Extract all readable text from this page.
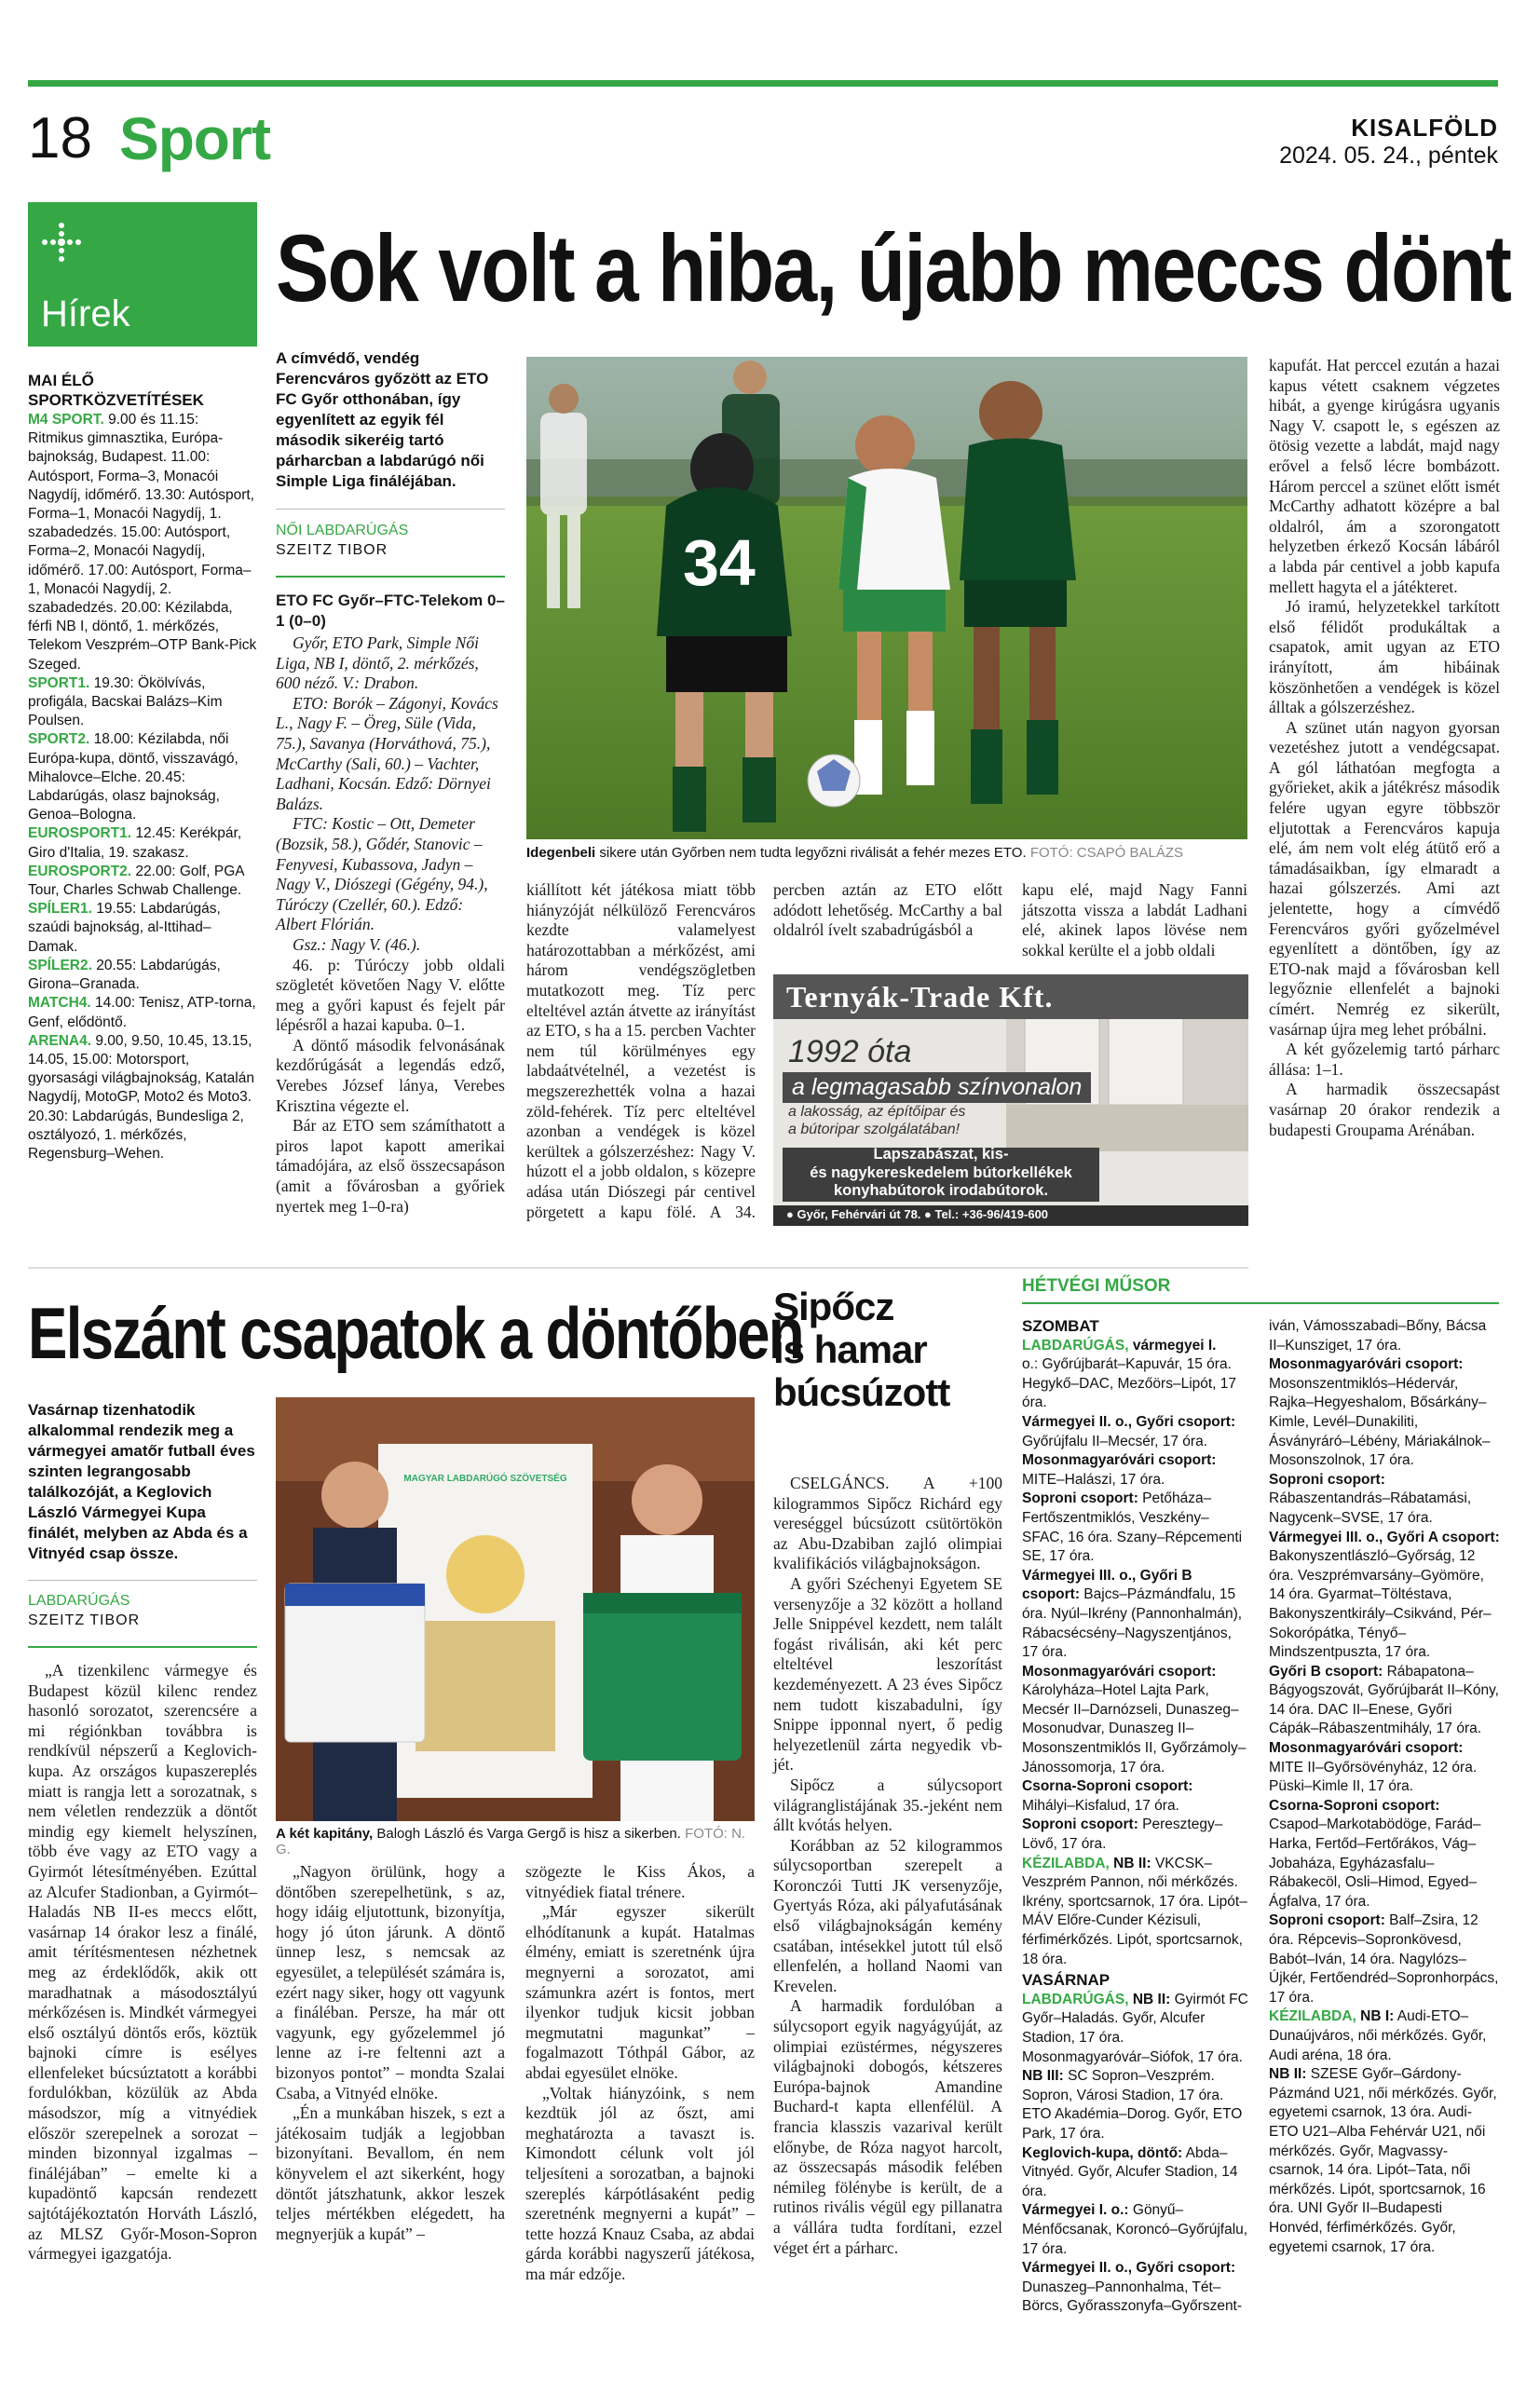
18 Sport	KISALFÖLD
2024. 05. 24., péntek
Hírek
MAI ÉLŐ SPORTKÖZVETÍTÉSEK
M4 SPORT. 9.00 és 11.15: Ritmikus gimnasztika, Európa-bajnokság, Budapest. 11.00: Autósport, Forma–3, Monacói Nagydíj, időmérő. 13.30: Autósport, Forma–1, Monacói Nagydíj, 1. szabadedzés. 15.00: Autósport, Forma–2, Monacói Nagydíj, időmérő. 17.00: Autósport, Forma–1, Monacói Nagydíj, 2. szabadedzés. 20.00: Kézilabda, férfi NB I, döntő, 1. mérkőzés, Telekom Veszprém–OTP Bank-Pick Szeged.
SPORT1. 19.30: Ökölvívás, profigála, Bacskai Balázs–Kim Poulsen.
SPORT2. 18.00: Kézilabda, női Európa-kupa, döntő, visszavágó, Mihalovce–Elche. 20.45: Labdarúgás, olasz bajnokság, Genoa–Bologna.
EUROSPORT1. 12.45: Kerékpár, Giro d'Italia, 19. szakasz.
EUROSPORT2. 22.00: Golf, PGA Tour, Charles Schwab Challenge.
SPÍLER1. 19.55: Labdarúgás, szaúdi bajnokság, al-Ittihad–Damak.
SPÍLER2. 20.55: Labdarúgás, Girona–Granada.
MATCH4. 14.00: Tenisz, ATP-torna, Genf, elődöntő.
ARENA4. 9.00, 9.50, 10.45, 13.15, 14.05, 15.00: Motorsport, gyorsasági világbajnokság, Katalán Nagydíj, MotoGP, Moto2 és Moto3. 20.30: Labdarúgás, Bundesliga 2, osztályozó, 1. mérkőzés, Regensburg–Wehen.
Sok volt a hiba, újabb meccs dönt
A címvédő, vendég Ferencváros győzött az ETO FC Győr otthonában, így egyenlített az egyik fél második sikeréig tartó párharcban a labdarúgó női Simple Liga fináléjában.
NŐI LABDARÚGÁS
SZEITZ TIBOR
ETO FC Győr–FTC-Telekom 0–1 (0–0)

Győr, ETO Park, Simple Női Liga, NB I, döntő, 2. mérkőzés, 600 néző. V.: Drabon.

ETO: Borók – Zágonyi, Kovács L., Nagy F. – Öreg, Süle (Vida, 75.), Savanya (Horváthová, 75.), McCarthy (Sali, 60.) – Vachter, Ladhani, Kocsán. Edző: Dörnyei Balázs.

FTC: Kostic – Ott, Demeter (Bozsik, 58.), Gődér, Stanovic – Fenyvesi, Kubassova, Jadyn – Nagy V., Diószegi (Gégény, 94.), Túróczy (Czellér, 60.). Edző: Albert Flórián.

Gsz.: Nagy V. (46.).

46. p: Túróczy jobb oldali szögletét követően Nagy V. előtte meg a győri kapust és fejelt pár lépésről a hazai kapuba. 0–1.

A döntő második felvonásának kezdőrúgását a legendás edző, Verebes József lánya, Verebes Krisztina végezte el.

Bár az ETO sem számíthatott a piros lapot kapott amerikai támadójára, az első összecsapáson (amit a fővárosban a győriek nyertek meg 1–0-ra)

34
Idegenbeli sikere után Győrben nem tudta legyőzni riválisát a fehér mezes ETO. FOTÓ: CSAPÓ BALÁZS
kiállított két játékosa miatt több hiányzóját nélkülöző Ferencváros kezdte valamelyest határozottabban a mérkőzést, ami három vendégszögletben mutatkozott meg. Tíz perc elteltével aztán átvette az irányítást az ETO, s ha a 15. percben Vachter nem túl körülményes egy labdaátvételnél, a vezetést is megszerezhették volna a hazai zöld-fehérek. Tíz perc elteltével azonban a vendégek is közel kerültek a gólszerzéshez: Nagy V. húzott el a jobb oldalon, s közepre adása után Diószegi pár centivel pörgetett a kapu fölé. A 34. percben aztán az ETO előtt adódott lehetőség. McCarthy a bal oldalról ívelt szabadrúgásból a
kapu elé, majd Nagy Fanni játszotta vissza a labdát Ladhani elé, akinek lapos lövése nem sokkal kerülte el a jobb oldali
Ternyák-Trade Kft.
1992 óta
a legmagasabb színvonalon
a lakosság, az építőipar és
a bútoripar szolgálatában!
Lapszabászat, kis-
és nagykereskedelem bútorkellékek
konyhabútorok irodabútorok.
● Győr, Fehérvári út 78. ● Tel.: +36-96/419-600

kapufát. Hat perccel ezután a hazai kapus vétett csaknem végzetes hibát, a gyenge kirúgásra ugyanis Nagy V. csapott le, s egészen az ötösig vezette a labdát, majd nagy erővel a felső lécre bombázott. Három perccel a szünet előtt ismét McCarthy adhatott középre a bal oldalról, ám a szorongatott helyzetben érkező Kocsán lábáról a labda pár centivel a jobb kapufa mellett hagyta el a játékteret.

Jó iramú, helyzetekkel tarkított első félidőt produkáltak a csapatok, amit ugyan az ETO irányított, ám hibáinak köszönhetően a vendégek is közel álltak a gólszerzéshez.

A szünet után nagyon gyorsan vezetéshez jutott a vendégcsapat. A gól láthatóan megfogta a győrieket, akik a játékrész második felére ugyan egyre többször eljutottak a Ferencváros kapuja elé, ám nem volt elég átütő erő a támadásaikban, így elmaradt a hazai gólszerzés. Ami azt jelentette, hogy a címvédő Ferencváros győri győzelmével egyenlített a döntőben, így az ETO-nak majd a fővárosban kell legyőznie ellenfelét a bajnoki címért. Nemrég ez sikerült, vasárnap újra meg lehet próbálni.

A két győzelemig tartó párharc állása: 1–1.

A harmadik összecsapást vasárnap 20 órakor rendezik a budapesti Groupama Arénában.

Elszánt csapatok a döntőben
Vasárnap tizenhatodik alkalommal rendezik meg a vármegyei amatőr futball éves szinten legrangosabb találkozóját, a Keglovich László Vármegyei Kupa finálét, melyben az Abda és a Vitnyéd csap össze.
LABDARÚGÁS
SZEITZ TIBOR

„A tizenkilenc vármegye és Budapest közül kilenc rendez hasonló sorozatot, szerencsére a mi régiónkban továbbra is rendkívül népszerű a Keglovich-kupa. Az országos kupaszereplés miatt is rangja lett a sorozatnak, s nem véletlen rendezzük a döntőt mindig egy kiemelt helyszínen, több éve vagy az ETO vagy a Gyirmót létesítményében. Ezúttal az Alcufer Stadionban, a Gyirmót–Haladás NB II-es meccs előtt, vasárnap 14 órakor lesz a finálé, amit térítésmentesen nézhetnek meg az érdeklődők, akik ott maradhatnak a másodosztályú mérkőzésen is. Mindkét vármegyei első osztályú döntős erős, köztük bajnoki címre is esélyes ellenfeleket búcsúztatott a korábbi fordulókban, közülük az Abda másodszor, míg a vitnyédiek először szerepelnek a sorozat – minden bizonnyal izgalmas – fináléjában” – emelte ki a kupadöntő kapcsán rendezett sajtótájékoztatón Horváth László, az MLSZ Győr-Moson-Sopron vármegyei igazgatója.

MAGYAR LABDARÚGÓ SZÖVETSÉG
A két kapitány, Balogh László és Varga Gergő is hisz a sikerben. FOTÓ: N. G.

„Nagyon örülünk, hogy a döntőben szerepelhetünk, s az, hogy idáig eljutottunk, bizonyítja, hogy jó úton járunk. A döntő ünnep lesz, s nemcsak az egyesület, a települését számára is, ezért nagy siker, hogy ott vagyunk a fináléban. Persze, ha már ott vagyunk, egy győzelemmel jó lenne az i-re feltenni azt a bizonyos pontot” – mondta Szalai Csaba, a Vitnyéd elnöke.

„Én a munkában hiszek, s ezt a játékosaim tudják a legjobban bizonyítani. Bevallom, én nem könyvelem el azt sikerként, hogy döntőt játszhatunk, akkor leszek teljes mértékben elégedett, ha megnyerjük a kupát” –

szögezte le Kiss Ákos, a vitnyédiek fiatal trénere.

„Már egyszer sikerült elhódítanunk a kupát. Hatalmas élmény, emiatt is szeretnénk újra megnyerni a sorozatot, ami számunkra azért is fontos, mert ilyenkor tudjuk kicsit jobban megmutatni magunkat” – fogalmazott Tóthpál Gábor, az abdai egyesület elnöke.

„Voltak hiányzóink, s nem kezdtük jól az őszt, ami meghatározta a tavaszt is. Kimondott célunk volt jól teljesíteni a sorozatban, a bajnoki szereplés kárpótlásaként pedig szeretnénk megnyerni a kupát” – tette hozzá Knauz Csaba, az abdai gárda korábbi nagyszerű játékosa, ma már edzője.

Sipőcz
is hamar
búcsúzott

CSELGÁNCS. A +100 kilogrammos Sipőcz Richárd egy vereséggel búcsúzott csütörtökön az Abu-Dzabiban zajló olimpiai kvalifikációs világbajnokságon.

A győri Széchenyi Egyetem SE versenyzője a 32 között a holland Jelle Snippével kezdett, nem talált fogást riválisán, aki két perc elteltével leszorítást kezdeményezett. A 23 éves Sipőcz nem tudott kiszabadulni, így Snippe ipponnal nyert, ő pedig helyezetlenül zárta negyedik vb-jét.

Sipőcz a súlycsoport világranglistájának 35.-jeként nem állt kvótás helyen.

Korábban az 52 kilogrammos súlycsoportban szerepelt a Koronczói Tutti JK versenyzője, Gyertyás Róza, aki pályafutásának első világbajnokságán kemény csatában, intésekkel jutott túl első ellenfelén, a holland Naomi van Krevelen.

A harmadik fordulóban a súlycsoport egyik nagyágyúját, az olimpiai ezüstérmes, négyszeres világbajnoki dobogós, kétszeres Európa-bajnok Amandine Buchard-t kapta ellenfélül. A francia klasszis vazarival került előnybe, de Róza nagyot harcolt, az összecsapás második felében némileg fölénybe is került, de a rutinos rivális végül egy pillanatra a vállára tudta fordítani, ezzel véget ért a párharc.

HÉTVÉGI MŰSOR
SZOMBAT
LABDARÚGÁS, vármegyei I.
o.: Győrújbarát–Kapuvár, 15 óra. Hegykő–DAC, Mezőörs–Lipót, 17 óra.
Vármegyei II. o., Győri csoport: Győrújfalu II–Mecsér, 17 óra.
Mosonmagyaróvári csoport: MITE–Halászi, 17 óra.
Soproni csoport: Petőháza–Fertőszentmiklós, Veszkény–SFAC, 16 óra. Szany–Répcementi SE, 17 óra.
Vármegyei III. o., Győri B csoport: Bajcs–Pázmándfalu, 15 óra. Nyúl–Ikrény (Pannonhalmán), Rábacsécsény–Nagyszentjános, 17 óra.
Mosonmagyaróvári csoport: Károlyháza–Hotel Lajta Park, Mecsér II–Darnózseli, Dunaszeg–Mosonudvar, Dunaszeg II–Mosonszentmiklós II, Győrzámoly–Jánossomorja, 17 óra.
Csorna-Soproni csoport: Mihályi–Kisfalud, 17 óra.
Soproni csoport: Peresztegy–Lövő, 17 óra.
KÉZILABDA, NB II: VKCSK–Veszprém Pannon, női mérkőzés. Ikrény, sportcsarnok, 17 óra. Lipót–MÁV Előre-Cunder Kézisuli, férfimérkőzés. Lipót, sportcsarnok, 18 óra.
VASÁRNAP
LABDARÚGÁS, NB II: Gyirmót FC Győr–Haladás. Győr, Alcufer Stadion, 17 óra. Mosonmagyaróvár–Siófok, 17 óra.
NB III: SC Sopron–Veszprém. Sopron, Városi Stadion, 17 óra. ETO Akadémia–Dorog. Győr, ETO Park, 17 óra.
Keglovich-kupa, döntő: Abda–Vitnyéd. Győr, Alcufer Stadion, 14 óra.
Vármegyei I. o.: Gönyű–Ménfőcsanak, Koroncó–Győrújfalu, 17 óra.
Vármegyei II. o., Győri csoport: Dunaszeg–Pannonhalma, Tét–Börcs, Győrasszonyfa–Győrszent-
iván, Vámosszabadi–Bőny, Bácsa II–Kunsziget, 17 óra.
Mosonmagyaróvári csoport: Mosonszentmiklós–Hédervár, Rajka–Hegyeshalom, Bősárkány–Kimle, Levél–Dunakiliti, Ásványráró–Lébény, Máriakálnok–Mosonszolnok, 17 óra.
Soproni csoport: Rábaszentandrás–Rábatamási, Nagycenk–SVSE, 17 óra.
Vármegyei III. o., Győri A csoport: Bakonyszentlászló–Győrság, 12 óra. Veszprémvarsány–Gyömöre, 14 óra. Gyarmat–Töltéstava, Bakonyszentkirály–Csikvánd, Pér–Sokorópátka, Tényő–Mindszentpuszta, 17 óra.
Győri B csoport: Rábapatona–Bágyogszovát, Győrújbarát II–Kóny, 14 óra. DAC II–Enese, Győri Cápák–Rábaszentmihály, 17 óra.
Mosonmagyaróvári csoport: MITE II–Győrsövényház, 12 óra. Püski–Kimle II, 17 óra.
Csorna-Soproni csoport: Csapod–Markotabödöge, Farád–Harka, Fertőd–Fertőrákos, Vág–Jobaháza, Egyházasfalu–Rábakecöl, Osli–Himod, Egyed–Ágfalva, 17 óra.
Soproni csoport: Balf–Zsira, 12 óra. Répcevis–Sopronkövesd, Babót–Iván, 14 óra. Nagylózs–Újkér, Fertőendréd–Sopronhorpács, 17 óra.
KÉZILABDA, NB I: Audi-ETO–Dunaújváros, női mérkőzés. Győr, Audi aréna, 18 óra.
NB II: SZESE Győr–Gárdony-Pázmánd U21, női mérkőzés. Győr, egyetemi csarnok, 13 óra. Audi-ETO U21–Alba Fehérvár U21, női mérkőzés. Győr, Magvassy-csarnok, 14 óra. Lipót–Tata, női mérkőzés. Lipót, sportcsarnok, 16 óra. UNI Győr II–Budapesti Honvéd, férfimérkőzés. Győr, egyetemi csarnok, 17 óra.
